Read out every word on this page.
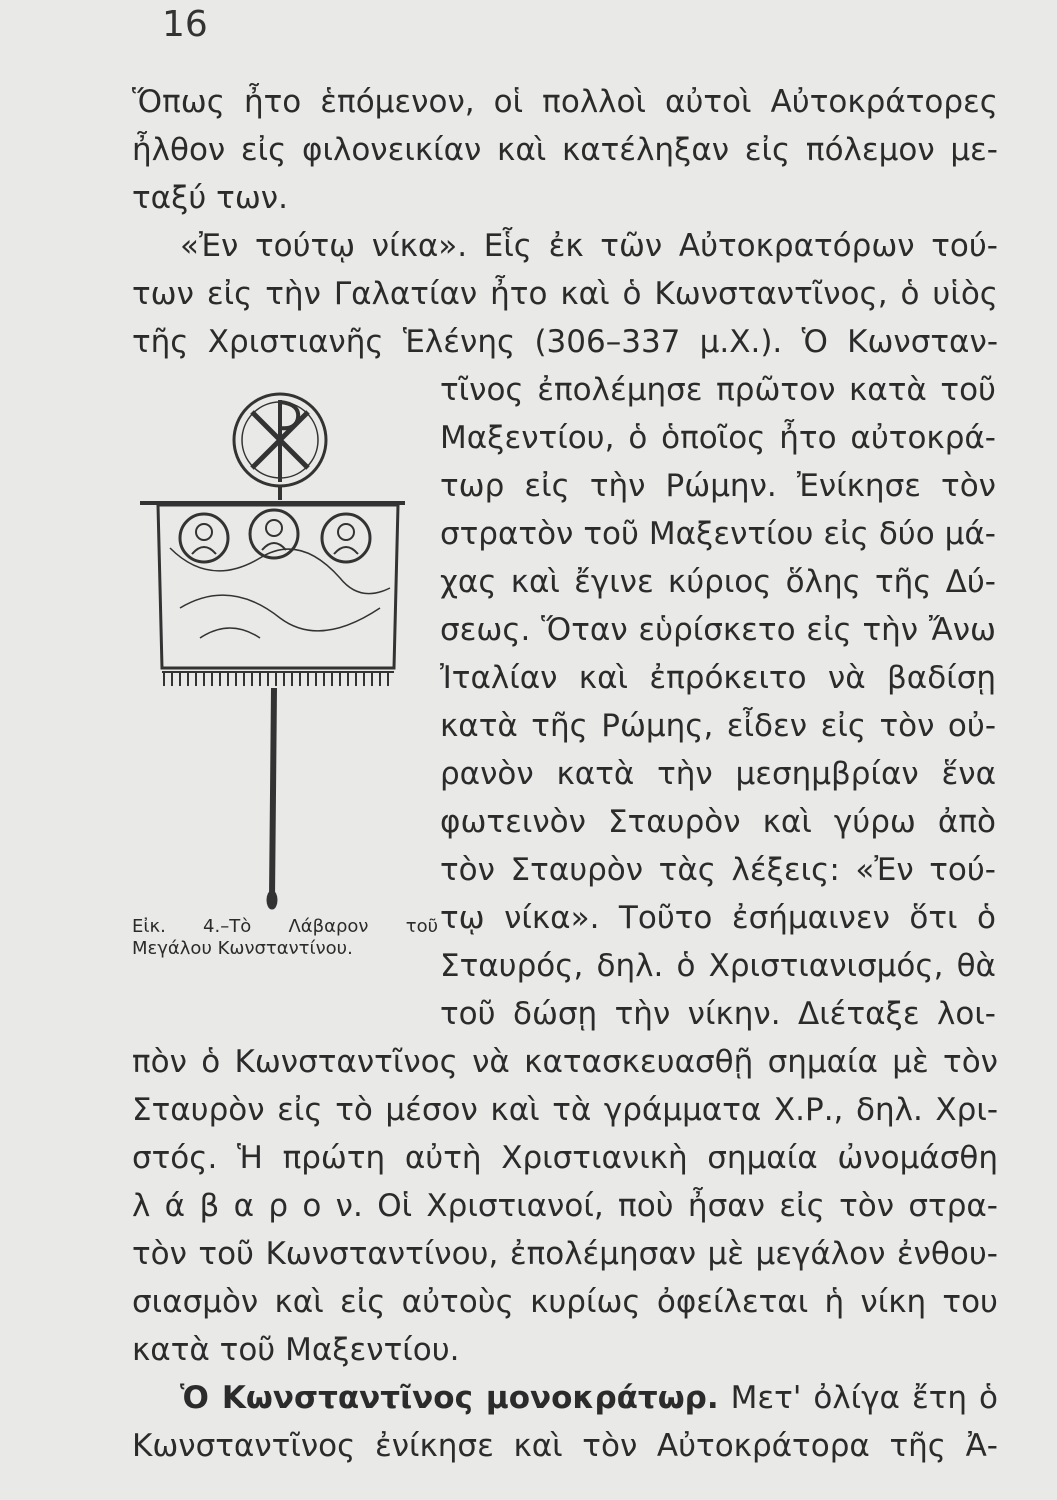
16
Ὅπως ἦτο ἑπόμενον, οἱ πολλοὶ αὐτοὶ Αὐτοκράτορες
ἦλθον εἰς φιλονεικίαν καὶ κατέληξαν εἰς πόλεμον με-
ταξύ των.
«Ἐν τούτῳ νίκα». Εἷς ἐκ τῶν Αὐτοκρατόρων τού-
των εἰς τὴν Γαλατίαν ἦτο καὶ ὁ Κωνσταντῖνος, ὁ υἱὸς
τῆς Χριστιανῆς Ἑλένης (306–337 μ.Χ.). Ὁ Κωνσταν-
τῖνος ἐπολέμησε πρῶτον κατὰ τοῦ
Μαξεντίου, ὁ ὁποῖος ἦτο αὐτοκρά-
τωρ εἰς τὴν Ρώμην. Ἐνίκησε τὸν
στρατὸν τοῦ Μαξεντίου εἰς δύο μά-
χας καὶ ἔγινε κύριος ὅλης τῆς Δύ-
σεως. Ὅταν εὑρίσκετο εἰς τὴν Ἄνω
Ἰταλίαν καὶ ἐπρόκειτο νὰ βαδίσῃ
κατὰ τῆς Ρώμης, εἶδεν εἰς τὸν οὐ-
ρανὸν κατὰ τὴν μεσημβρίαν ἕνα
φωτεινὸν Σταυρὸν καὶ γύρω ἀπὸ
τὸν Σταυρὸν τὰς λέξεις: «Ἐν τού-
τῳ νίκα». Τοῦτο ἐσήμαινεν ὅτι ὁ
Σταυρός, δηλ. ὁ Χριστιανισμός, θὰ
τοῦ δώσῃ τὴν νίκην. Διέταξε λοι-
πὸν ὁ Κωνσταντῖνος νὰ κατασκευασθῇ σημαία μὲ τὸν
Σταυρὸν εἰς τὸ μέσον καὶ τὰ γράμματα Χ.Ρ., δηλ. Χρι-
στός. Ἡ πρώτη αὐτὴ Χριστιανικὴ σημαία ὠνομάσθη
λ ά β α ρ ο ν. Οἱ Χριστιανοί, ποὺ ἦσαν εἰς τὸν στρα-
τὸν τοῦ Κωνσταντίνου, ἐπολέμησαν μὲ μεγάλον ἐνθου-
σιασμὸν καὶ εἰς αὐτοὺς κυρίως ὀφείλεται ἡ νίκη του
κατὰ τοῦ Μαξεντίου.
Ὁ Κωνσταντῖνος μονοκράτωρ. Μετ' ὀλίγα ἔτη ὁ
Κωνσταντῖνος ἐνίκησε καὶ τὸν Αὐτοκράτορα τῆς Ἀ-
Εἰκ. 4.–Τὸ Λάβαρον τοῦ
Μεγάλου Κωνσταντίνου.
